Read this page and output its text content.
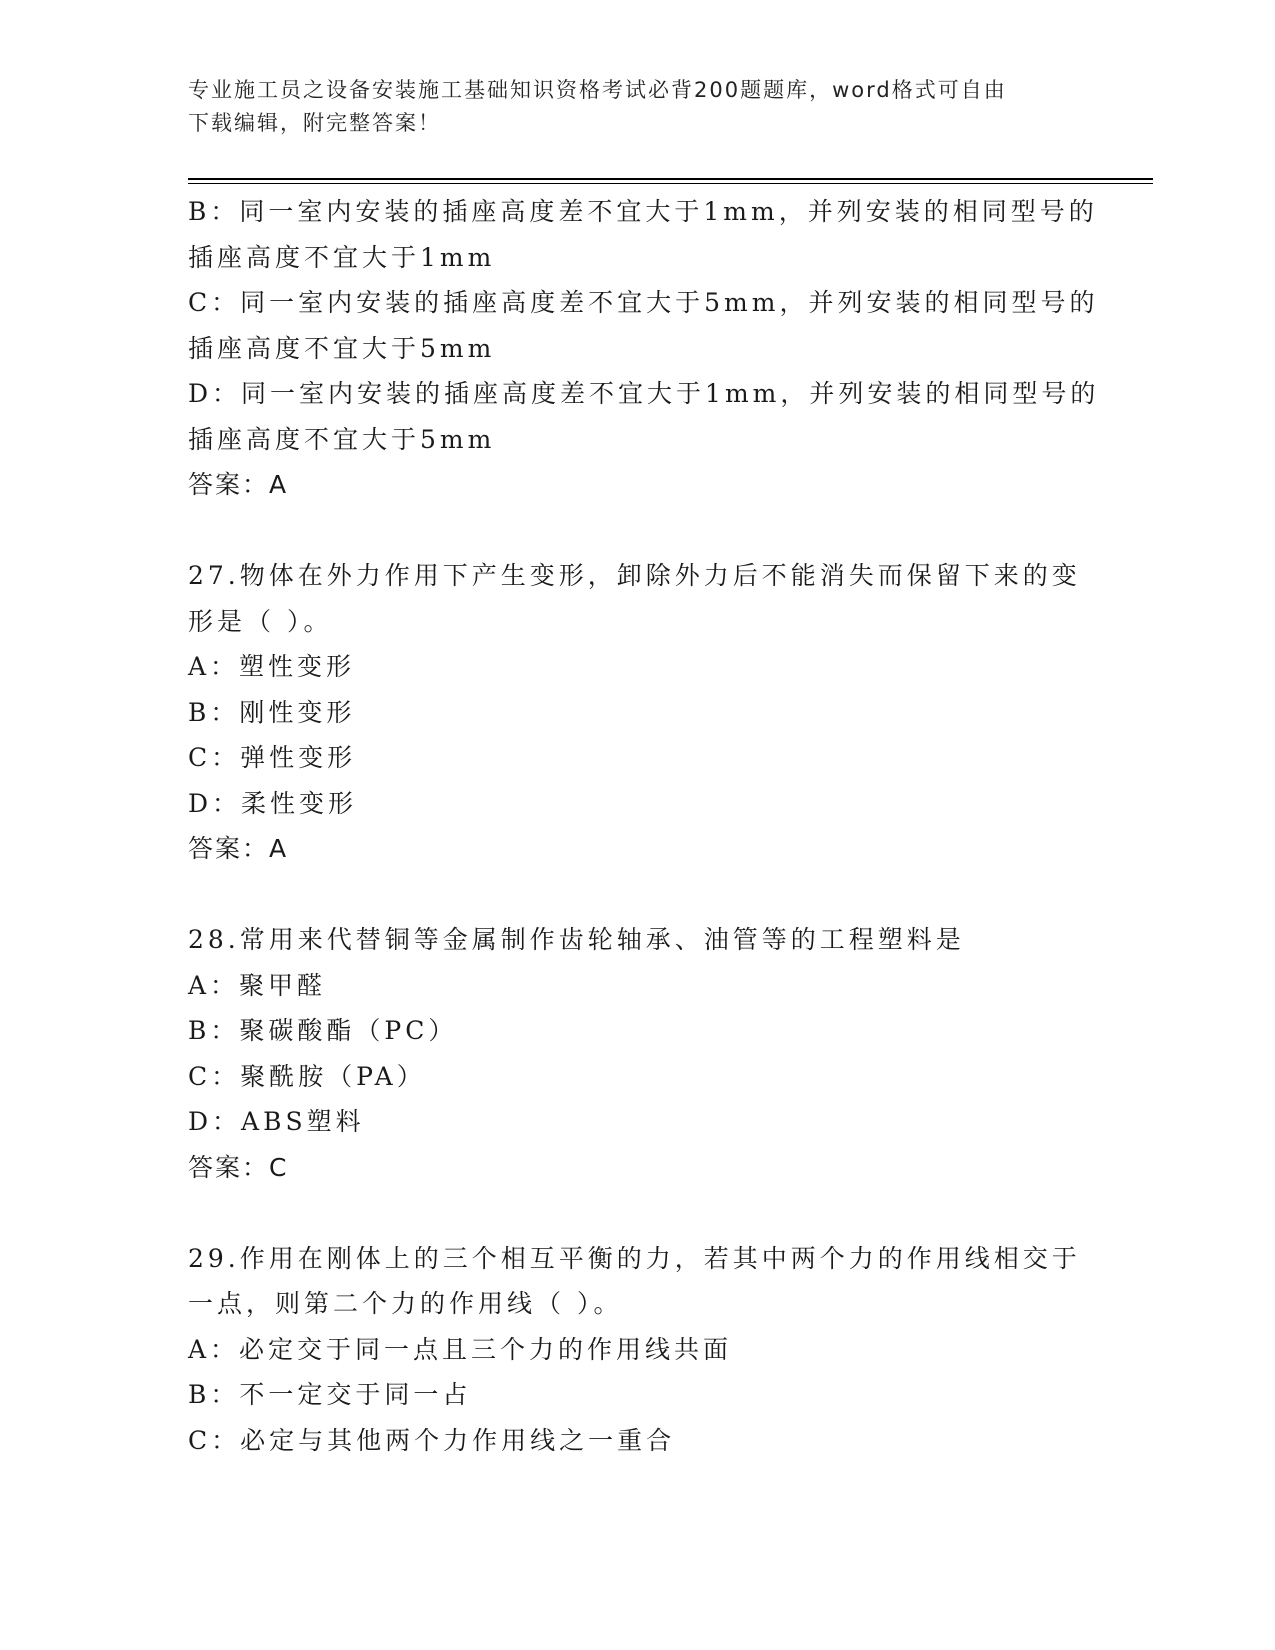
专业施工员之设备安装施工基础知识资格考试必背200题题库，word格式可自由
下载编辑，附完整答案！
B：同一室内安装的插座高度差不宜大于1mm，并列安装的相同型号的
插座高度不宜大于1mm
C：同一室内安装的插座高度差不宜大于5mm，并列安装的相同型号的
插座高度不宜大于5mm
D：同一室内安装的插座高度差不宜大于1mm，并列安装的相同型号的
插座高度不宜大于5mm
答案：A
27.物体在外力作用下产生变形，卸除外力后不能消失而保留下来的变
形是（ ）。
A：塑性变形
B：刚性变形
C：弹性变形
D：柔性变形
答案：A
28.常用来代替铜等金属制作齿轮轴承、油管等的工程塑料是
A：聚甲醛
B：聚碳酸酯（PC）
C：聚酰胺（PA）
D：ABS塑料
答案：C
29.作用在刚体上的三个相互平衡的力，若其中两个力的作用线相交于
一点，则第二个力的作用线（ ）。
A：必定交于同一点且三个力的作用线共面
B：不一定交于同一占
C：必定与其他两个力作用线之一重合
